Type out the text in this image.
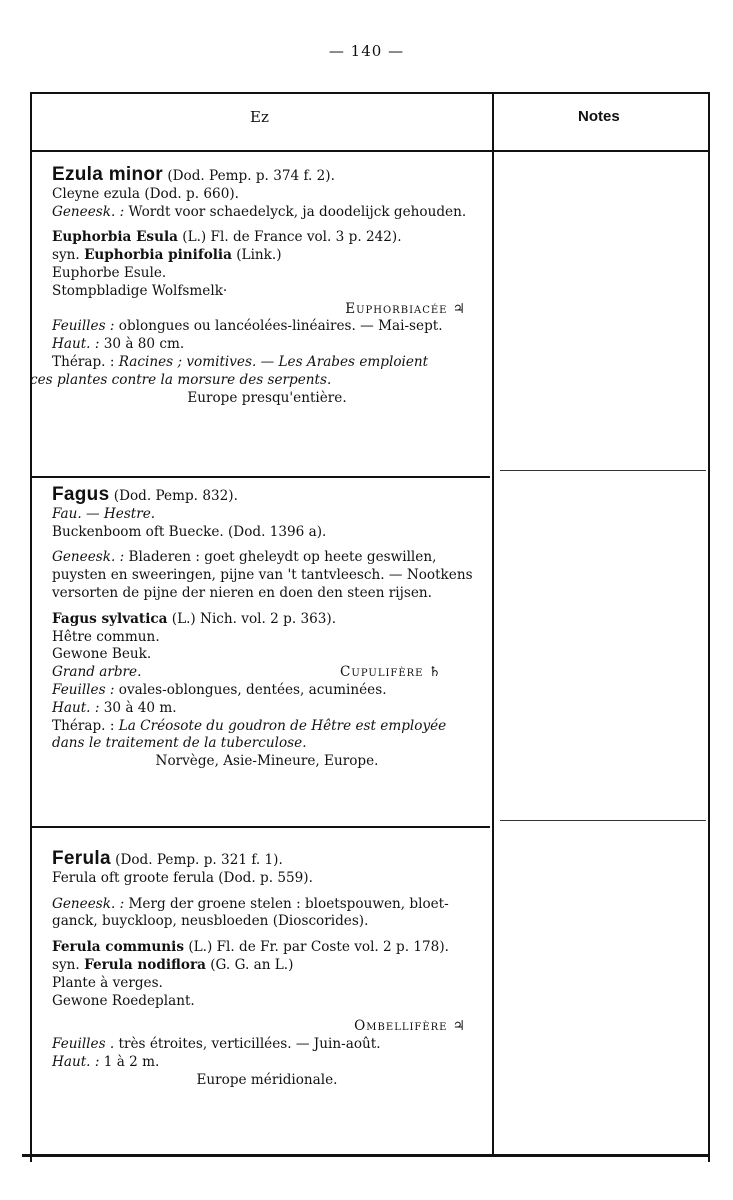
— 140 —
Ez	Notes

Ezula minor (Dod. Pemp. p. 374 f. 2).

Cleyne ezula (Dod. p. 660).

Geneesk. : Wordt voor schaedelyck, ja doodelijck gehouden.

Euphorbia Esula (L.) Fl. de France vol. 3 p. 242).

syn. Euphorbia pinifolia (Link.)

Euphorbe Esule.

Stompbladige Wolfsmelk·

Euphorbiacée ♃

Feuilles : oblongues ou lancéolées-linéaires. — Mai-sept.

Haut. : 30 à 80 cm.

Thérap. : Racines ; vomitives. — Les Arabes emploient

ces plantes contre la morsure des serpents.

Europe presqu'entière.

Fagus (Dod. Pemp. 832).

Fau. — Hestre.

Buckenboom oft Buecke. (Dod. 1396 a).

Geneesk. : Bladeren : goet gheleydt op heete geswillen,

puysten en sweeringen, pijne van 't tantvleesch. — Nootkens

versorten de pijne der nieren en doen den steen rijsen.

Fagus sylvatica (L.) Nich. vol. 2 p. 363).

Hêtre commun.

Gewone Beuk.

Grand arbre.	Cupulifère ♄

Feuilles : ovales-oblongues, dentées, acuminées.

Haut. : 30 à 40 m.

Thérap. : La Créosote du goudron de Hêtre est employée

dans le traitement de la tuberculose.

Norvège, Asie-Mineure, Europe.

Ferula (Dod. Pemp. p. 321 f. 1).

Ferula oft groote ferula (Dod. p. 559).

Geneesk. : Merg der groene stelen : bloetspouwen, bloet-

ganck, buyckloop, neusbloeden (Dioscorides).

Ferula communis (L.) Fl. de Fr. par Coste vol. 2 p. 178).

syn. Ferula nodiflora (G. G. an L.)

Plante à verges.

Gewone Roedeplant.

Ombellifère ♃

Feuilles . très étroites, verticillées. — Juin-août.

Haut. : 1 à 2 m.

Europe méridionale.
